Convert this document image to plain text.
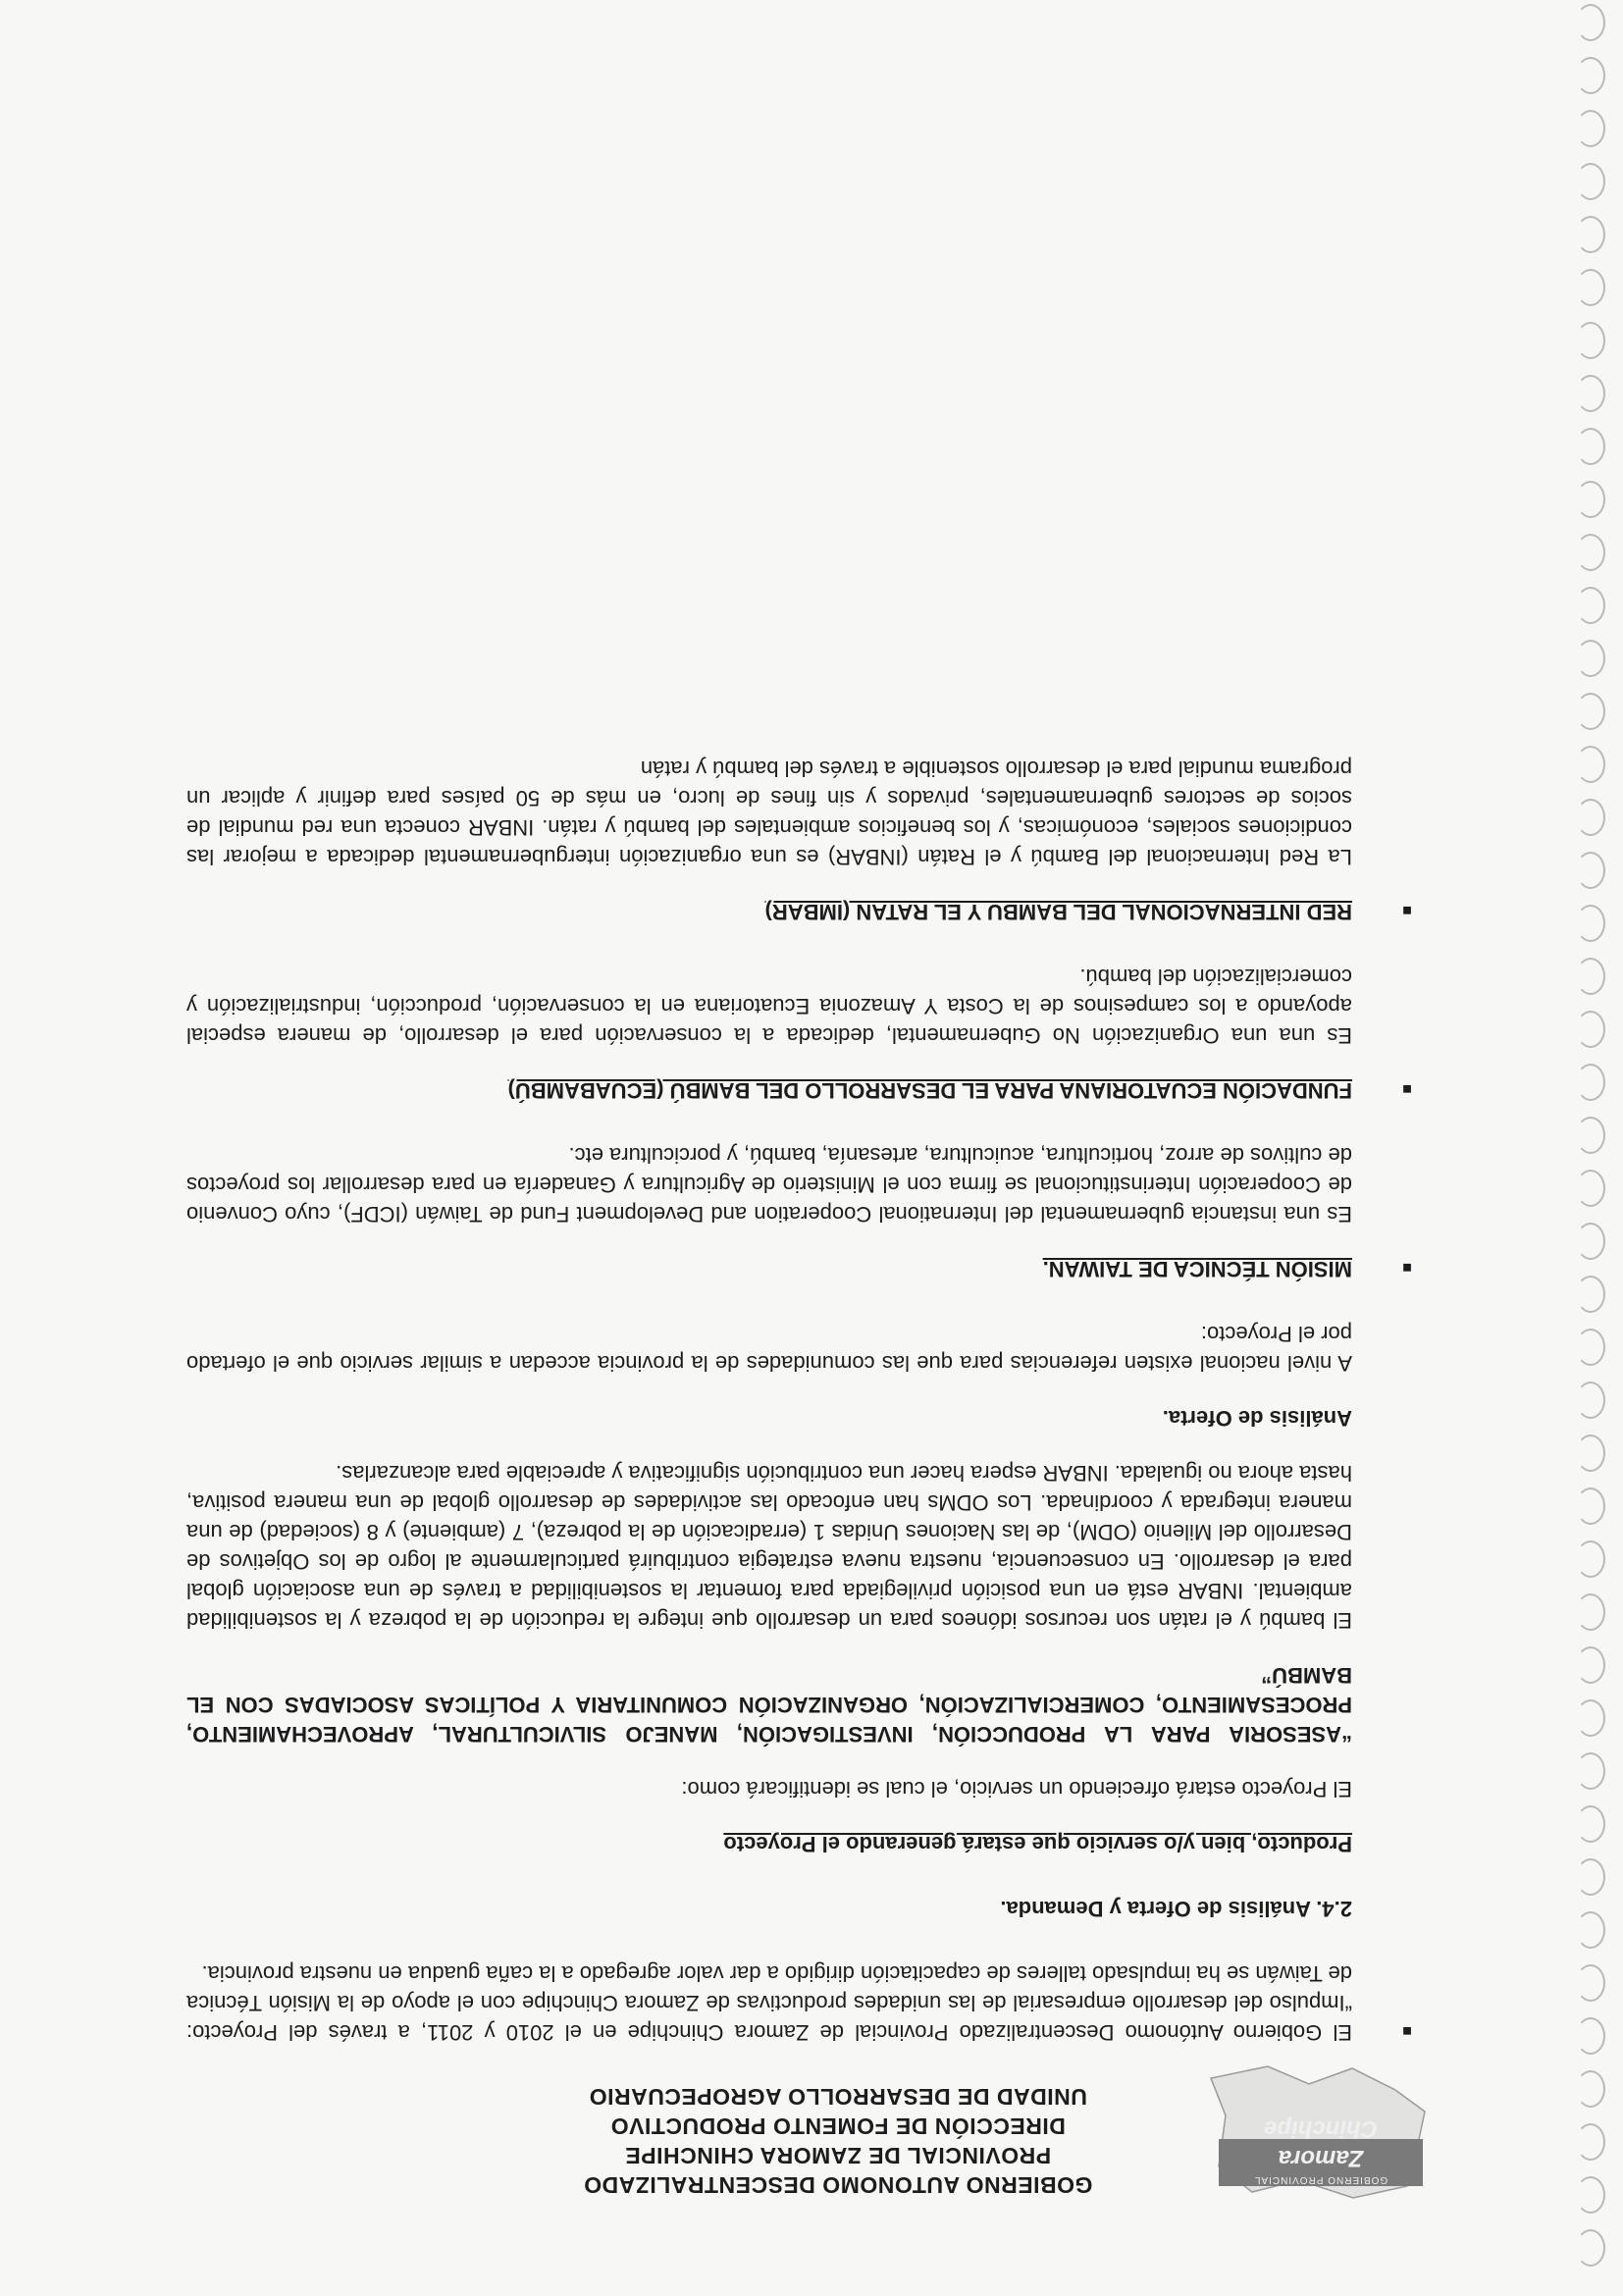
GOBIERNO PROVINCIAL
Zamora Chinchipe
GOBIERNO AUTONOMO DESCENTRALIZADO
PROVINCIAL DE ZAMORA CHINCHIPE
DIRECCIÓN DE FOMENTO PRODUCTIVO
UNIDAD DE DESARROLLO AGROPECUARIO

■
El Gobierno Autónomo Descentralizado Provincial de Zamora Chinchipe en el 2010 y 2011, a través del Proyecto: “Impulso del desarrollo empresarial de las unidades productivas de Zamora Chinchipe con el apoyo de la Misión Técnica de Taiwán se ha impulsado talleres de capacitación dirigido a dar valor agregado a la caña guadua en nuestra provincia.

2.4. Análisis de Oferta y Demanda.

Producto, bien y/o servicio que estará generando el Proyecto

El Proyecto estará ofreciendo un servicio, el cual se identificará como:

“ASESORIA PARA LA PRODUCCIÓN, INVESTIGACIÓN, MANEJO SILVICULTURAL, APROVECHAMIENTO, PROCESAMIENTO, COMERCIALIZACIÓN, ORGANIZACIÓN COMUNITARIA Y POLÍTICAS ASOCIADAS CON EL BAMBÚ”

El bambú y el ratán son recursos idóneos para un desarrollo que integre la reducción de la pobreza y la sostenibilidad ambiental. INBAR está en una posición privilegiada para fomentar la sostenibilidad a través de una asociación global para el desarrollo. En consecuencia, nuestra nueva estrategia contribuirá particularmente al logro de los Objetivos de Desarrollo del Milenio (ODM), de las Naciones Unidas 1 (erradicación de la pobreza), 7 (ambiente) y 8 (sociedad) de una manera integrada y coordinada. Los ODMs han enfocado las actividades de desarrollo global de una manera positiva, hasta ahora no igualada. INBAR espera hacer una contribución significativa y apreciable para alcanzarlas.

Análisis de Oferta.

A nivel nacional existen referencias para que las comunidades de la provincia accedan a similar servicio que el ofertado por el Proyecto:

■
MISIÓN TÉCNICA DE TAIWAN.

Es una instancia gubernamental del International Cooperation and Development Fund de Taiwán (ICDF), cuyo Convenio de Cooperación Interinstitucional se firma con el Ministerio de Agricultura y Ganadería en para desarrollar los proyectos de cultivos de arroz, horticultura, acuicultura, artesanía, bambú, y porcicultura etc.

■
FUNDACIÓN ECUATORIANA PARA EL DESARROLLO DEL BAMBÚ (ECUABAMBÚ)

Es una una Organización No Gubernamental, dedicada a la conservación para el desarrollo, de manera especial apoyando a los campesinos de la Costa Y Amazonia Ecuatoriana en la conservación, producción, industrialización y comercialización del bambú.

■
RED INTERNACIONAL DEL BAMBU Y EL RATAN (IMBAR)

La Red Internacional del Bambú y el Ratán (INBAR) es una organización intergubernamental dedicada a mejorar las condiciones sociales, económicas, y los beneficios ambientales del bambú y ratán. INBAR conecta una red mundial de socios de sectores gubernamentales, privados y sin fines de lucro, en más de 50 países para definir y aplicar un programa mundial para el desarrollo sostenible a través del bambú y ratán
